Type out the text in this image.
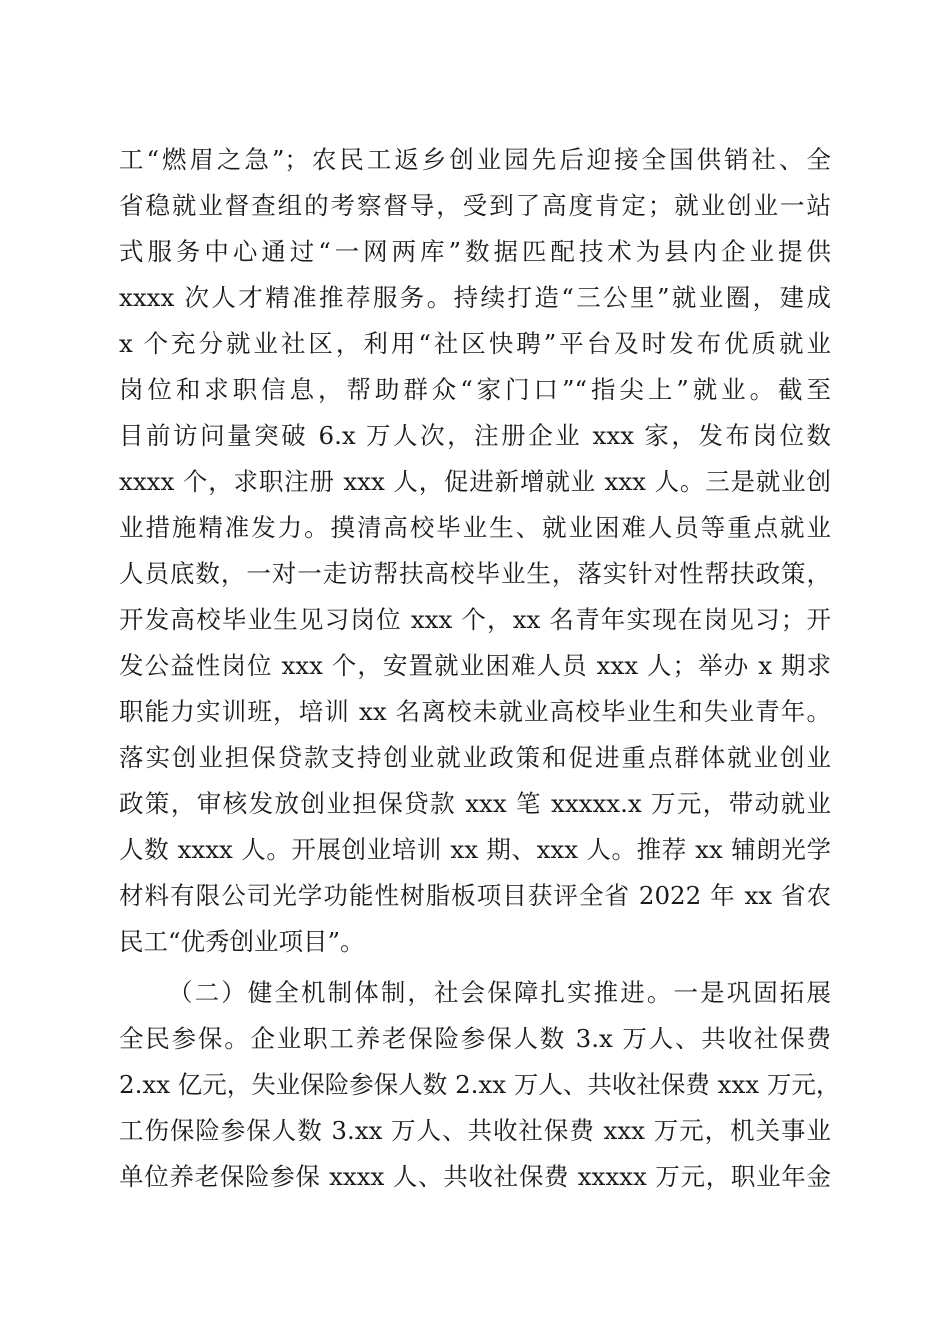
工“燃眉之急”；农民工返乡创业园先后迎接全国供销社、全
省稳就业督查组的考察督导，受到了高度肯定；就业创业一站
式服务中心通过“一网两库”数据匹配技术为县内企业提供
xxxx 次人才精准推荐服务。持续打造“三公里”就业圈，建成
x 个充分就业社区，利用“社区快聘”平台及时发布优质就业
岗位和求职信息，帮助群众“家门口”“指尖上”就业。截至
目前访问量突破 6.x 万人次，注册企业 xxx 家，发布岗位数
xxxx 个，求职注册 xxx 人，促进新增就业 xxx 人。三是就业创
业措施精准发力。摸清高校毕业生、就业困难人员等重点就业
人员底数，一对一走访帮扶高校毕业生，落实针对性帮扶政策，
开发高校毕业生见习岗位 xxx 个，xx 名青年实现在岗见习；开
发公益性岗位 xxx 个，安置就业困难人员 xxx 人；举办 x 期求
职能力实训班，培训 xx 名离校未就业高校毕业生和失业青年。
落实创业担保贷款支持创业就业政策和促进重点群体就业创业
政策，审核发放创业担保贷款 xxx 笔 xxxxx.x 万元，带动就业
人数 xxxx 人。开展创业培训 xx 期、xxx 人。推荐 xx 辅朗光学
材料有限公司光学功能性树脂板项目获评全省 2022 年 xx 省农
民工“优秀创业项目”。
（二）健全机制体制，社会保障扎实推进。一是巩固拓展
全民参保。企业职工养老保险参保人数 3.x 万人、共收社保费
2.xx 亿元，失业保险参保人数 2.xx 万人、共收社保费 xxx 万元，
工伤保险参保人数 3.xx 万人、共收社保费 xxx 万元，机关事业
单位养老保险参保 xxxx 人、共收社保费 xxxxx 万元，职业年金
